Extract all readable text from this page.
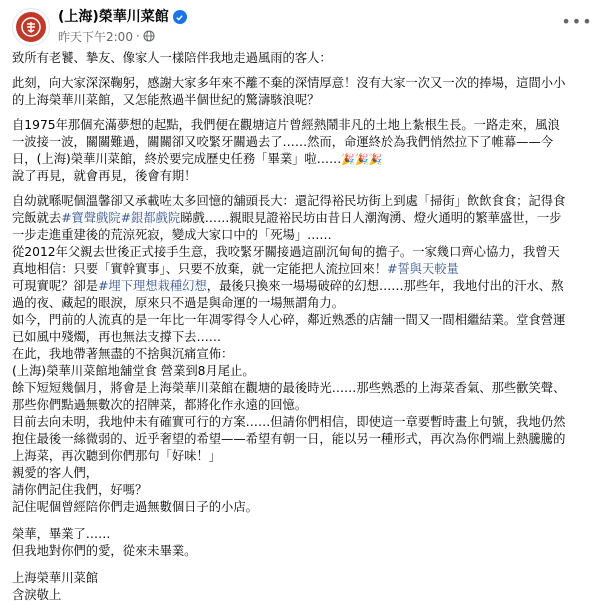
(上海)榮華川菜館
昨天下午2:00 ·
•••

致所有老饕、摯友、像家人一樣陪伴我地走過風雨的客人：

此刻，向大家深深鞠躬，感謝大家多年來不離不棄的深情厚意！沒有大家一次又一次的捧場，這間小小

的上海榮華川菜館，又怎能熬過半個世紀的驚濤駭浪呢？

自1975年那個充滿夢想的起點，我們便在觀塘這片曾經熱鬧非凡的土地上紮根生長。一路走來，風浪

一波接一波，關關難過，關關卻又咬緊牙關過去了……然而，命運終於為我們悄然拉下了帷幕——今

日，(上海)榮華川菜館，終於要完成歷史任務「畢業」啦……🎉🎉🎉

說了再見，就會再見，後會有期！

自幼就喺呢個溫馨卻又承載咗太多回憶的舖頭長大：還記得裕民坊街上到處「掃街」飲飲食食；記得食

完飯就去#寶聲戲院#銀都戲院睇戲……親眼見證裕民坊由昔日人潮洶湧、燈火通明的繁華盛世，一步

一步走進重建後的荒涼死寂，變成大家口中的「死場」……

從2012年父親去世後正式接手生意，我咬緊牙關接過這副沉甸甸的擔子。一家幾口齊心協力，我曾天

真地相信：只要「實幹實事」、只要不放棄，就一定能把人流拉回來！#誓與天較量

可現實呢？卻是#埋下理想栽種幻想，最後只換來一場場破碎的幻想……那些年，我地付出的汗水、熬

過的夜、藏起的眼淚，原來只不過是與命運的一場無謂角力。

如今，門前的人流真的是一年比一年凋零得令人心碎，鄰近熟悉的店舖一間又一間相繼結業。堂食營運

已如風中殘燭，再也無法支撐下去……

在此，我地帶著無盡的不捨與沉痛宣佈：

(上海)榮華川菜館地舖堂食 營業到8月尾止。

餘下短短幾個月，將會是上海榮華川菜館在觀塘的最後時光……那些熟悉的上海菜香氣、那些歡笑聲、

那些你們點過無數次的招牌菜，都將化作永遠的回憶。

目前去向未明，我地仲未有確實可行的方案……但請你們相信，即使這一章要暫時畫上句號，我地仍然

抱住最後一絲微弱的、近乎奢望的希望——希望有朝一日，能以另一種形式，再次為你們端上熱騰騰的

上海菜，再次聽到你們那句「好味！」

親愛的客人們，

請你們記住我們，好嗎？

記住呢個曾經陪你們走過無數個日子的小店。

榮華，畢業了……

但我地對你們的愛，從來未畢業。

上海榮華川菜館

含淚敬上
